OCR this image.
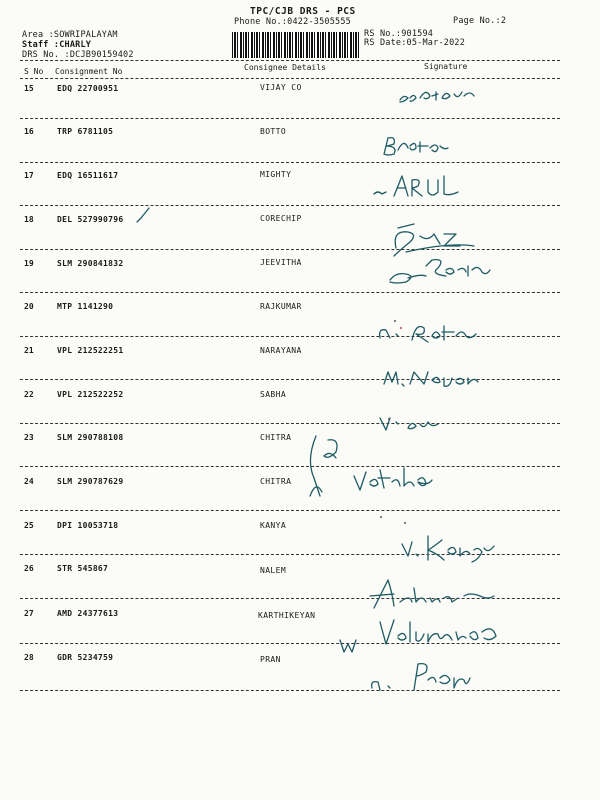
TPC/CJB DRS - PCS
Phone No.:0422-3505555	Page No.:2
Area :SOWRIPALAYAM
Staff :CHARLY
DRS No. :DCJB90159402
RS No.:901594
RS Date:05-Mar-2022
S No Consignment No	Consignee Details	Signature
15	EDQ 22700951	VIJAY CO
16	TRP 6781105	BOTTO
17	EDQ 16511617	MIGHTY
18	DEL 527990796	CORECHIP
19	SLM 290841832	JEEVITHA
20	MTP 1141290	RAJKUMAR
21	VPL 212522251	NARAYANA
22	VPL 212522252	SABHA
23	SLM 290788108	CHITRA
24	SLM 290787629	CHITRA
25	DPI 10053718	KANYA
26	STR 545867	NALEM
27	AMD 24377613	KARTHIKEYAN
28	GDR 5234759	PRAN
